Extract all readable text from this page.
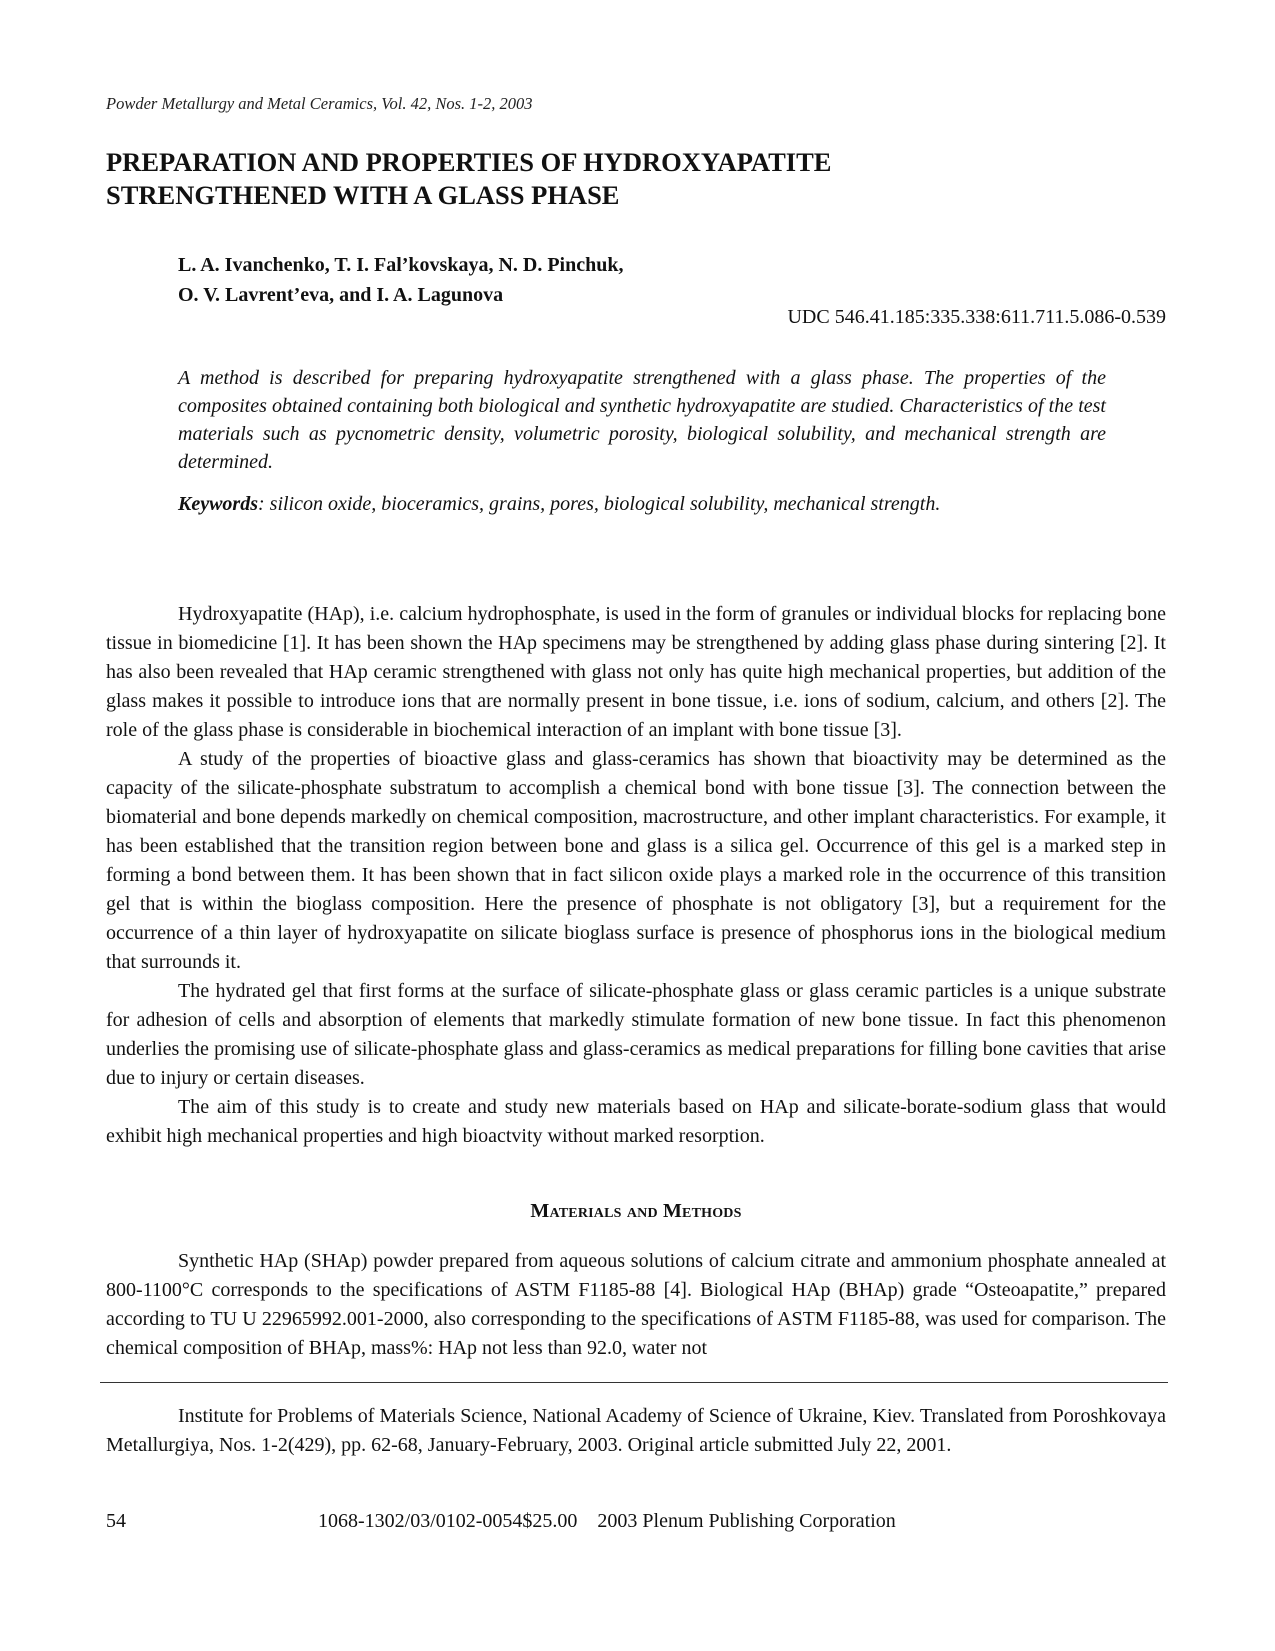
Powder Metallurgy and Metal Ceramics, Vol. 42, Nos. 1-2, 2003
PREPARATION AND PROPERTIES OF HYDROXYAPATITE
STRENGTHENED WITH A GLASS PHASE
L. A. Ivanchenko, T. I. Fal’kovskaya, N. D. Pinchuk,
O. V. Lavrent’eva, and I. A. Lagunova
UDC 546.41.185:335.338:611.711.5.086-0.539

A method is described for preparing hydroxyapatite strengthened with a glass phase. The properties of the composites obtained containing both biological and synthetic hydroxyapatite are studied. Characteristics of the test materials such as pycnometric density, volumetric porosity, biological solubility, and mechanical strength are determined.

Keywords: silicon oxide, bioceramics, grains, pores, biological solubility, mechanical strength.

Hydroxyapatite (HAp), i.e. calcium hydrophosphate, is used in the form of granules or individual blocks for replacing bone tissue in biomedicine [1]. It has been shown the HAp specimens may be strengthened by adding glass phase during sintering [2]. It has also been revealed that HAp ceramic strengthened with glass not only has quite high mechanical properties, but addition of the glass makes it possible to introduce ions that are normally present in bone tissue, i.e. ions of sodium, calcium, and others [2]. The role of the glass phase is considerable in biochemical interaction of an implant with bone tissue [3].

A study of the properties of bioactive glass and glass-ceramics has shown that bioactivity may be determined as the capacity of the silicate-phosphate substratum to accomplish a chemical bond with bone tissue [3]. The connection between the biomaterial and bone depends markedly on chemical composition, macrostructure, and other implant characteristics. For example, it has been established that the transition region between bone and glass is a silica gel. Occurrence of this gel is a marked step in forming a bond between them. It has been shown that in fact silicon oxide plays a marked role in the occurrence of this transition gel that is within the bioglass composition. Here the presence of phosphate is not obligatory [3], but a requirement for the occurrence of a thin layer of hydroxyapatite on silicate bioglass surface is presence of phosphorus ions in the biological medium that surrounds it.

The hydrated gel that first forms at the surface of silicate-phosphate glass or glass ceramic particles is a unique substrate for adhesion of cells and absorption of elements that markedly stimulate formation of new bone tissue. In fact this phenomenon underlies the promising use of silicate-phosphate glass and glass-ceramics as medical preparations for filling bone cavities that arise due to injury or certain diseases.

The aim of this study is to create and study new materials based on HAp and silicate-borate-sodium glass that would exhibit high mechanical properties and high bioactvity without marked resorption.

Materials and Methods

Synthetic HAp (SHAp) powder prepared from aqueous solutions of calcium citrate and ammonium phosphate annealed at 800-1100°C corresponds to the specifications of ASTM F1185-88 [4]. Biological HAp (BHAp) grade “Osteoapatite,” prepared according to TU U 22965992.001-2000, also corresponding to the specifications of ASTM F1185-88, was used for comparison. The chemical composition of BHAp, mass%: HAp not less than 92.0, water not

Institute for Problems of Materials Science, National Academy of Science of Ukraine, Kiev. Translated from Poroshkovaya Metallurgiya, Nos. 1-2(429), pp. 62-68, January-February, 2003. Original article submitted July 22, 2001.

54	1068-1302/03/0102-0054$25.00    2003 Plenum Publishing Corporation
